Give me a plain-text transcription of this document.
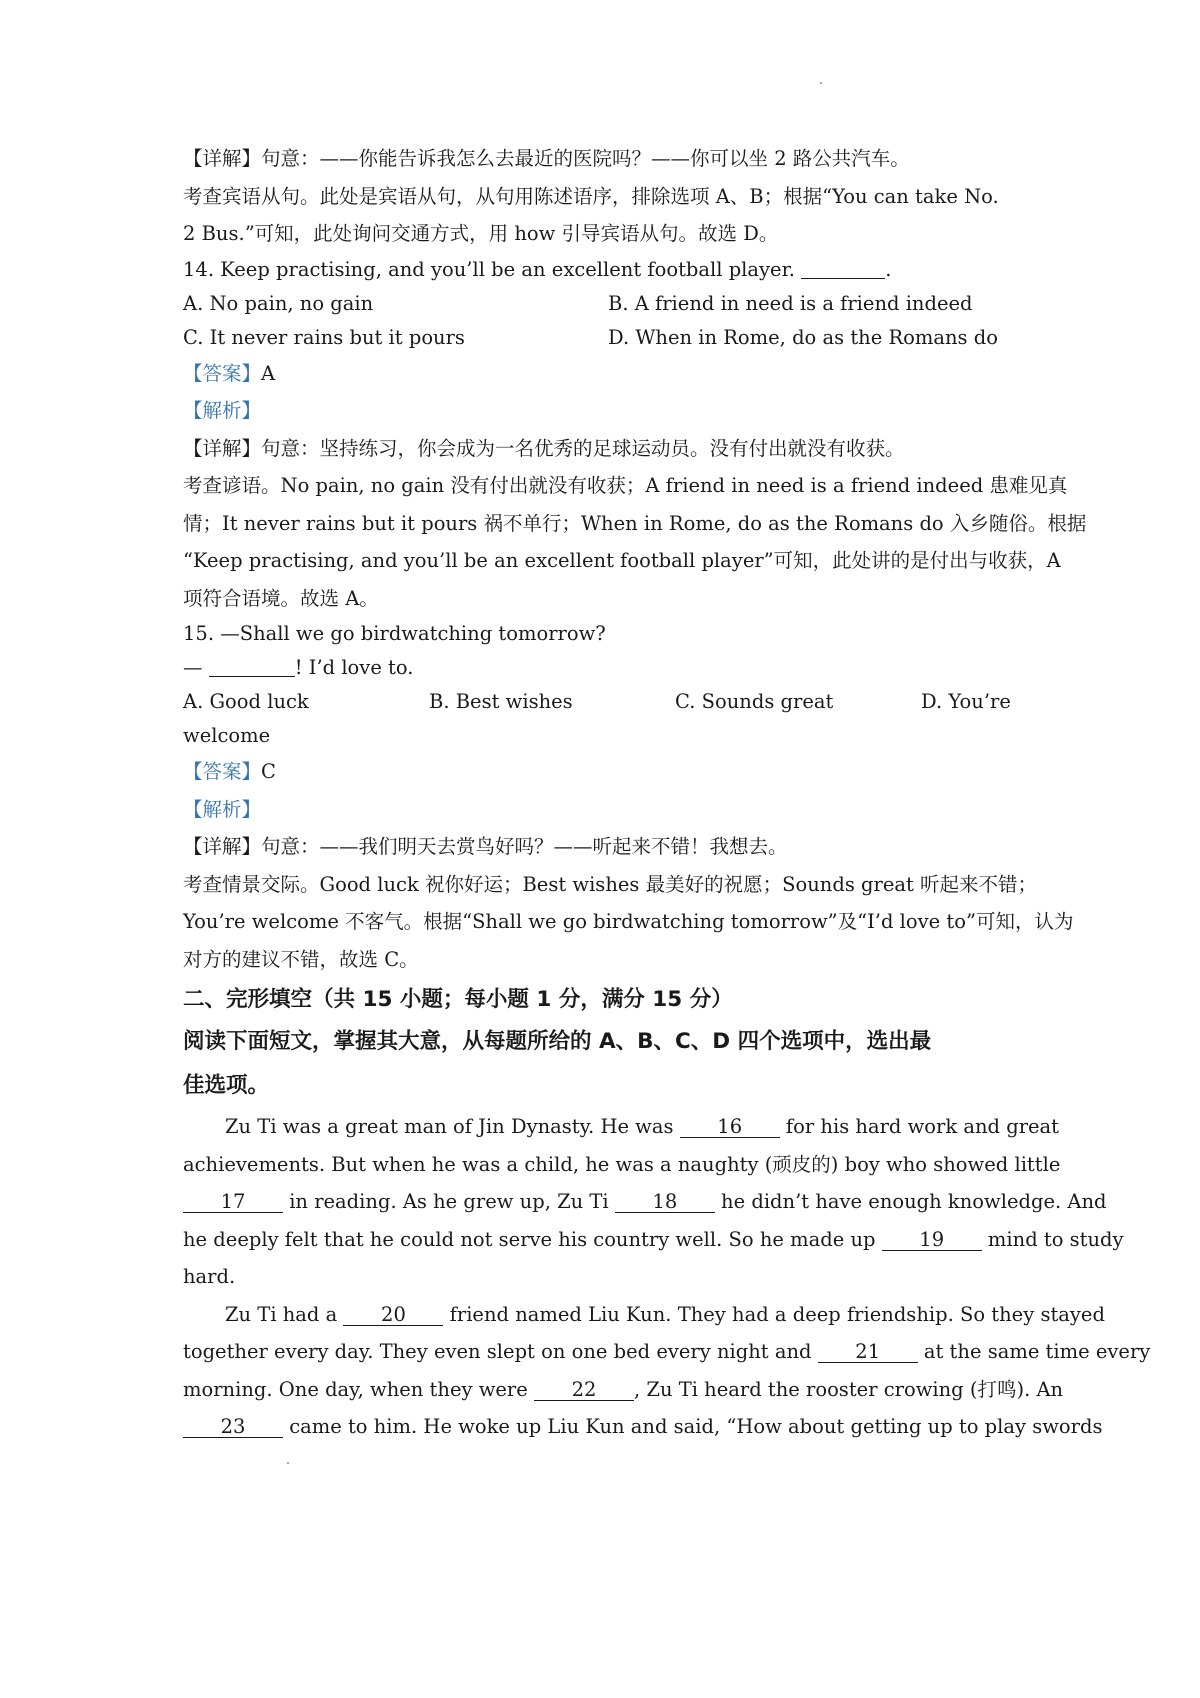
【详解】句意：——你能告诉我怎么去最近的医院吗？——你可以坐 2 路公共汽车。
考查宾语从句。此处是宾语从句，从句用陈述语序，排除选项 A、B；根据“You can take No.
2 Bus.”可知，此处询问交通方式，用 how 引导宾语从句。故选 D。
14. Keep practising, and you’ll be an excellent football player.	.
A. No pain, no gain	B. A friend in need is a friend indeed
C. It never rains but it pours	D. When in Rome, do as the Romans do
【答案】A
【解析】
【详解】句意：坚持练习，你会成为一名优秀的足球运动员。没有付出就没有收获。
考查谚语。No pain, no gain 没有付出就没有收获；A friend in need is a friend indeed 患难见真
情；It never rains but it pours 祸不单行；When in Rome, do as the Romans do 入乡随俗。根据
“Keep practising, and you’ll be an excellent football player”可知，此处讲的是付出与收获，A
项符合语境。故选 A。
15. —Shall we go birdwatching tomorrow?
—	! I’d love to.
A. Good luck	B. Best wishes	C. Sounds great	D. You’re
welcome
【答案】C
【解析】
【详解】句意：——我们明天去赏鸟好吗？——听起来不错！我想去。
考查情景交际。Good luck 祝你好运；Best wishes 最美好的祝愿；Sounds great 听起来不错；
You’re welcome 不客气。根据“Shall we go birdwatching tomorrow”及“I’d love to”可知，认为
对方的建议不错，故选 C。
二、完形填空（共 15 小题；每小题 1 分，满分 15 分）
阅读下面短文，掌握其大意，从每题所给的 A、B、C、D 四个选项中，选出最
佳选项。
Zu Ti was a great man of Jin Dynasty. He was 16 for his hard work and great
achievements. But when he was a child, he was a naughty (顽皮的) boy who showed little
17 in reading. As he grew up, Zu Ti 18 he didn’t have enough knowledge. And
he deeply felt that he could not serve his country well. So he made up 19 mind to study
hard.
Zu Ti had a 20 friend named Liu Kun. They had a deep friendship. So they stayed
together every day. They even slept on one bed every night and 21 at the same time every
morning. One day, when they were 22 , Zu Ti heard the rooster crowing (打鸣). An
23 came to him. He woke up Liu Kun and said, “How about getting up to play swords
